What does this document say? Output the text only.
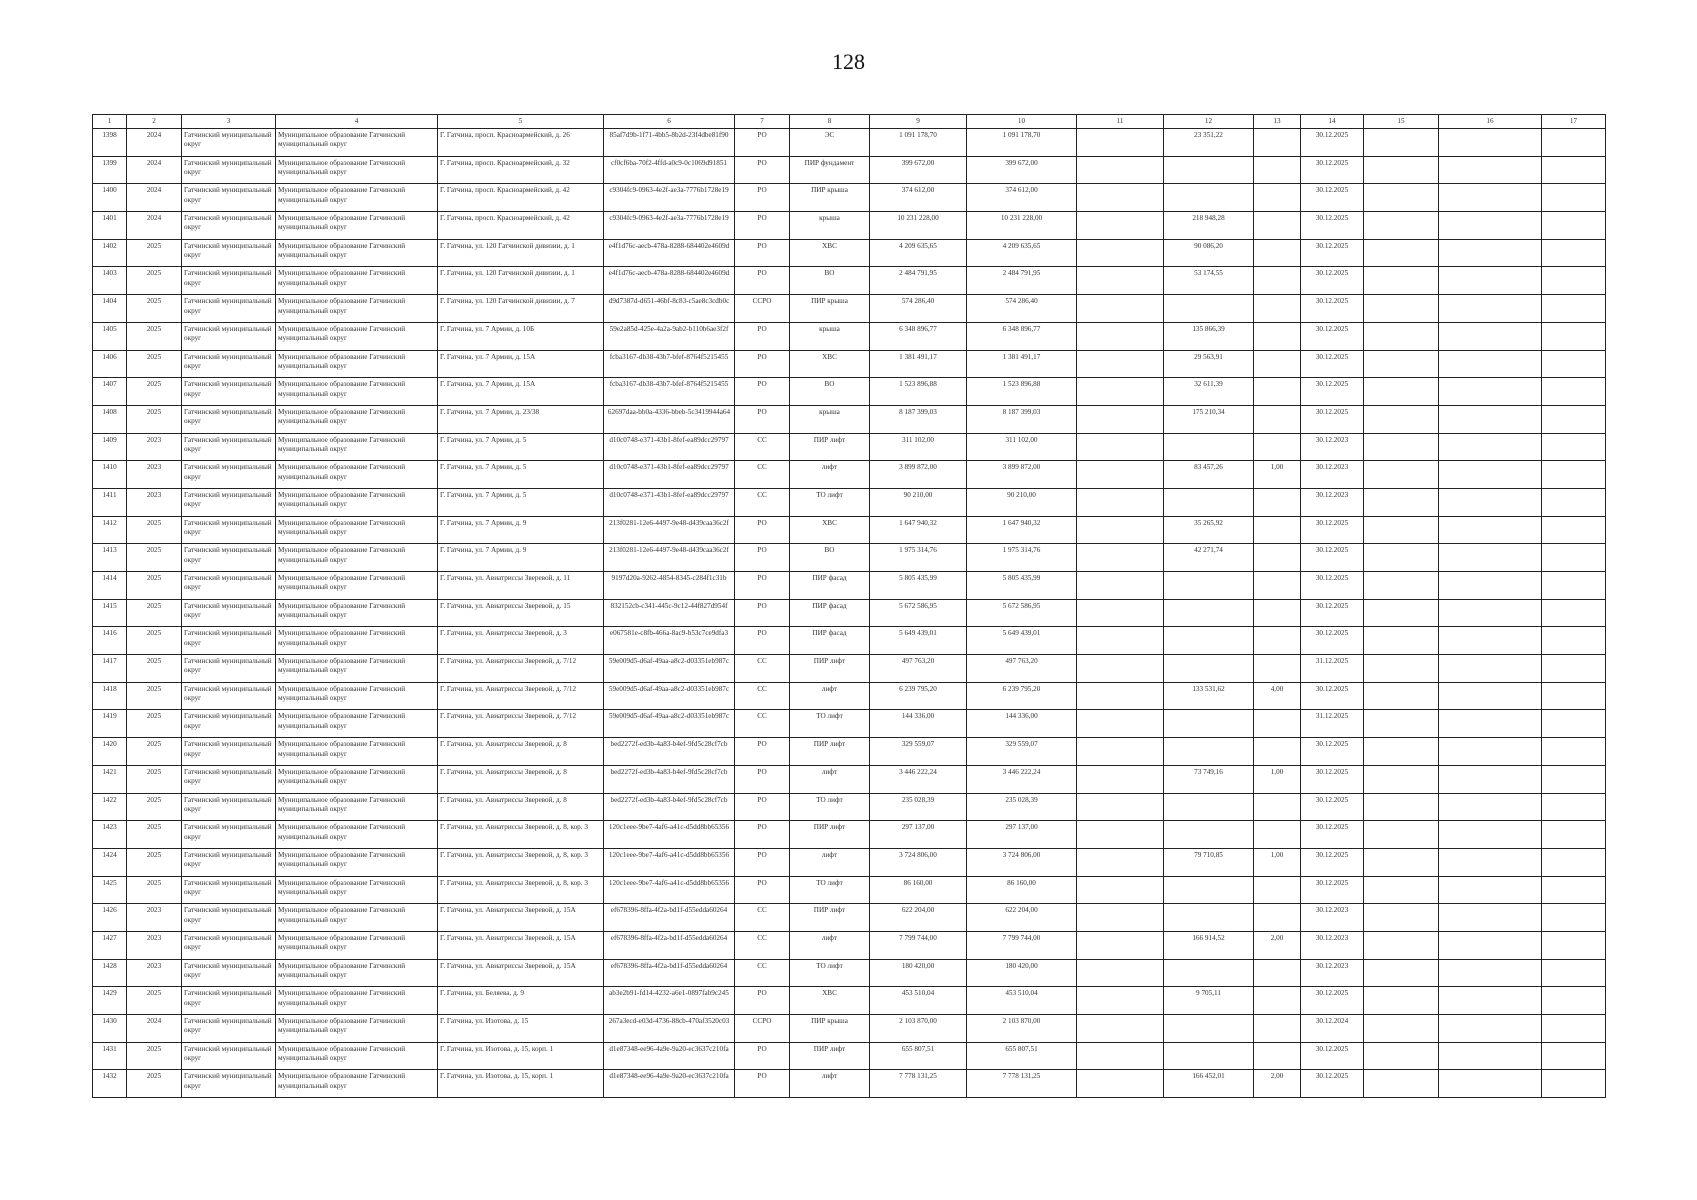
128
1	2	3	4	5	6	7	8	9	10	11	12	13	14	15	16	17
1398	2024	Гатчинский муниципальный округ	Муниципальное образование Гатчинский муниципальный округ	Г. Гатчина, просп. Красноармейский, д. 26	85af7d9b-1f71-4bb5-8b2d-23f4dbe81f90	РО	ЭС	1 091 178,70	1 091 178,70		23 351,22		30.12.2025			
1399	2024	Гатчинский муниципальный округ	Муниципальное образование Гатчинский муниципальный округ	Г. Гатчина, просп. Красноармейский, д. 32	cf0cf6ba-70f2-4ffd-a0c9-0c1069d91851	РО	ПИР фундамент	399 672,00	399 672,00				30.12.2025			
1400	2024	Гатчинский муниципальный округ	Муниципальное образование Гатчинский муниципальный округ	Г. Гатчина, просп. Красноармейский, д. 42	c9304fc9-0963-4e2f-ae3a-7776b1728e19	РО	ПИР крыша	374 612,00	374 612,00				30.12.2025			
1401	2024	Гатчинский муниципальный округ	Муниципальное образование Гатчинский муниципальный округ	Г. Гатчина, просп. Красноармейский, д. 42	c9304fc9-0963-4e2f-ae3a-7776b1728e19	РО	крыша	10 231 228,00	10 231 228,00		218 948,28		30.12.2025			
1402	2025	Гатчинский муниципальный округ	Муниципальное образование Гатчинский муниципальный округ	Г. Гатчина, ул. 120 Гатчинской дивизии, д. 1	e4f1d76c-aecb-478a-8288-684402e4609d	РО	ХВС	4 209 635,65	4 209 635,65		90 086,20		30.12.2025			
1403	2025	Гатчинский муниципальный округ	Муниципальное образование Гатчинский муниципальный округ	Г. Гатчина, ул. 120 Гатчинской дивизии, д. 1	e4f1d76c-aecb-478a-8288-684402e4609d	РО	ВО	2 484 791,95	2 484 791,95		53 174,55		30.12.2025			
1404	2025	Гатчинский муниципальный округ	Муниципальное образование Гатчинский муниципальный округ	Г. Гатчина, ул. 120 Гатчинской дивизии, д. 7	d9d7387d-d651-46bf-8c83-c5ae8c3cdb0c	ССРО	ПИР крыша	574 286,40	574 286,40				30.12.2025			
1405	2025	Гатчинский муниципальный округ	Муниципальное образование Гатчинский муниципальный округ	Г. Гатчина, ул. 7 Армии, д. 10Б	59e2a85d-425e-4a2a-9ab2-b110b6ae3f2f	РО	крыша	6 348 896,77	6 348 896,77		135 866,39		30.12.2025			
1406	2025	Гатчинский муниципальный округ	Муниципальное образование Гатчинский муниципальный округ	Г. Гатчина, ул. 7 Армии, д. 15А	fcba3167-db38-43b7-bfef-8764f5215455	РО	ХВС	1 381 491,17	1 381 491,17		29 563,91		30.12.2025			
1407	2025	Гатчинский муниципальный округ	Муниципальное образование Гатчинский муниципальный округ	Г. Гатчина, ул. 7 Армии, д. 15А	fcba3167-db38-43b7-bfef-8764f5215455	РО	ВО	1 523 896,88	1 523 896,88		32 611,39		30.12.2025			
1408	2025	Гатчинский муниципальный округ	Муниципальное образование Гатчинский муниципальный округ	Г. Гатчина, ул. 7 Армии, д. 23/38	62697daa-bb0a-4336-bbeb-5c3419944a64	РО	крыша	8 187 399,03	8 187 399,03		175 210,34		30.12.2025			
1409	2023	Гатчинский муниципальный округ	Муниципальное образование Гатчинский муниципальный округ	Г. Гатчина, ул. 7 Армии, д. 5	d10c0748-e371-43b1-8fef-ea89dcc29797	СС	ПИР лифт	311 102,00	311 102,00				30.12.2023			
1410	2023	Гатчинский муниципальный округ	Муниципальное образование Гатчинский муниципальный округ	Г. Гатчина, ул. 7 Армии, д. 5	d10c0748-e371-43b1-8fef-ea89dcc29797	СС	лифт	3 899 872,00	3 899 872,00		83 457,26	1,00	30.12.2023			
1411	2023	Гатчинский муниципальный округ	Муниципальное образование Гатчинский муниципальный округ	Г. Гатчина, ул. 7 Армии, д. 5	d10c0748-e371-43b1-8fef-ea89dcc29797	СС	ТО лифт	90 210,00	90 210,00				30.12.2023			
1412	2025	Гатчинский муниципальный округ	Муниципальное образование Гатчинский муниципальный округ	Г. Гатчина, ул. 7 Армии, д. 9	213f0281-12e6-4497-9e48-d439caa36c2f	РО	ХВС	1 647 940,32	1 647 940,32		35 265,92		30.12.2025			
1413	2025	Гатчинский муниципальный округ	Муниципальное образование Гатчинский муниципальный округ	Г. Гатчина, ул. 7 Армии, д. 9	213f0281-12e6-4497-9e48-d439caa36c2f	РО	ВО	1 975 314,76	1 975 314,76		42 271,74		30.12.2025			
1414	2025	Гатчинский муниципальный округ	Муниципальное образование Гатчинский муниципальный округ	Г. Гатчина, ул. Авиатриссы Зверевой, д. 11	9197d20a-9262-4854-8345-c284f1c31b	РО	ПИР фасад	5 805 435,99	5 805 435,99				30.12.2025			
1415	2025	Гатчинский муниципальный округ	Муниципальное образование Гатчинский муниципальный округ	Г. Гатчина, ул. Авиатриссы Зверевой, д. 15	832152cb-c341-445c-9c12-44f827d954f	РО	ПИР фасад	5 672 586,95	5 672 586,95				30.12.2025			
1416	2025	Гатчинский муниципальный округ	Муниципальное образование Гатчинский муниципальный округ	Г. Гатчина, ул. Авиатриссы Зверевой, д. 3	e067581e-c8fb-466a-8ac9-b53c7ce9dfa3	РО	ПИР фасад	5 649 439,01	5 649 439,01				30.12.2025			
1417	2025	Гатчинский муниципальный округ	Муниципальное образование Гатчинский муниципальный округ	Г. Гатчина, ул. Авиатриссы Зверевой, д. 7/12	59e009d5-d6af-49aa-a8c2-d03351eb987c	СС	ПИР лифт	497 763,20	497 763,20				31.12.2025			
1418	2025	Гатчинский муниципальный округ	Муниципальное образование Гатчинский муниципальный округ	Г. Гатчина, ул. Авиатриссы Зверевой, д. 7/12	59e009d5-d6af-49aa-a8c2-d03351eb987c	СС	лифт	6 239 795,20	6 239 795,20		133 531,62	4,00	30.12.2025			
1419	2025	Гатчинский муниципальный округ	Муниципальное образование Гатчинский муниципальный округ	Г. Гатчина, ул. Авиатриссы Зверевой, д. 7/12	59e009d5-d6af-49aa-a8c2-d03351eb987c	СС	ТО лифт	144 336,00	144 336,00				31.12.2025			
1420	2025	Гатчинский муниципальный округ	Муниципальное образование Гатчинский муниципальный округ	Г. Гатчина, ул. Авиатриссы Зверевой, д. 8	bed2272f-ed3b-4a83-b4ef-9fd5c28cf7cb	РО	ПИР лифт	329 559,07	329 559,07				30.12.2025			
1421	2025	Гатчинский муниципальный округ	Муниципальное образование Гатчинский муниципальный округ	Г. Гатчина, ул. Авиатриссы Зверевой, д. 8	bed2272f-ed3b-4a83-b4ef-9fd5c28cf7cb	РО	лифт	3 446 222,24	3 446 222,24		73 749,16	1,00	30.12.2025			
1422	2025	Гатчинский муниципальный округ	Муниципальное образование Гатчинский муниципальный округ	Г. Гатчина, ул. Авиатриссы Зверевой, д. 8	bed2272f-ed3b-4a83-b4ef-9fd5c28cf7cb	РО	ТО лифт	235 028,39	235 028,39				30.12.2025			
1423	2025	Гатчинский муниципальный округ	Муниципальное образование Гатчинский муниципальный округ	Г. Гатчина, ул. Авиатриссы Зверевой, д. 8, кор. 3	120c1eee-9be7-4af6-a41c-d5dd8bb65356	РО	ПИР лифт	297 137,00	297 137,00				30.12.2025			
1424	2025	Гатчинский муниципальный округ	Муниципальное образование Гатчинский муниципальный округ	Г. Гатчина, ул. Авиатриссы Зверевой, д. 8, кор. 3	120c1eee-9be7-4af6-a41c-d5dd8bb65356	РО	лифт	3 724 806,00	3 724 806,00		79 710,85	1,00	30.12.2025			
1425	2025	Гатчинский муниципальный округ	Муниципальное образование Гатчинский муниципальный округ	Г. Гатчина, ул. Авиатриссы Зверевой, д. 8, кор. 3	120c1eee-9be7-4af6-a41c-d5dd8bb65356	РО	ТО лифт	86 160,00	86 160,00				30.12.2025			
1426	2023	Гатчинский муниципальный округ	Муниципальное образование Гатчинский муниципальный округ	Г. Гатчина, ул. Авиатриссы Зверевой, д. 15А	ef678396-8ffa-4f2a-bd1f-d55edda60264	СС	ПИР лифт	622 204,00	622 204,00				30.12.2023			
1427	2023	Гатчинский муниципальный округ	Муниципальное образование Гатчинский муниципальный округ	Г. Гатчина, ул. Авиатриссы Зверевой, д. 15А	ef678396-8ffa-4f2a-bd1f-d55edda60264	СС	лифт	7 799 744,00	7 799 744,00		166 914,52	2,00	30.12.2023			
1428	2023	Гатчинский муниципальный округ	Муниципальное образование Гатчинский муниципальный округ	Г. Гатчина, ул. Авиатриссы Зверевой, д. 15А	ef678396-8ffa-4f2a-bd1f-d55edda60264	СС	ТО лифт	180 420,00	180 420,00				30.12.2023			
1429	2025	Гатчинский муниципальный округ	Муниципальное образование Гатчинский муниципальный округ	Г. Гатчина, ул. Беляева, д. 9	ab3e2b91-fd14-4232-a6e1-0897fab9c245	РО	ХВС	453 510,04	453 510,04		9 705,11		30.12.2025			
1430	2024	Гатчинский муниципальный округ	Муниципальное образование Гатчинский муниципальный округ	Г. Гатчина, ул. Изотова, д. 15	267a3ecd-e03d-4736-88cb-470af3520c03	ССРО	ПИР крыша	2 103 870,00	2 103 870,00				30.12.2024			
1431	2025	Гатчинский муниципальный округ	Муниципальное образование Гатчинский муниципальный округ	Г. Гатчина, ул. Изотова, д. 15, корп. 1	d1e87348-ee96-4a9e-9a20-ec3637c210fa	РО	ПИР лифт	655 807,51	655 807,51				30.12.2025			
1432	2025	Гатчинский муниципальный округ	Муниципальное образование Гатчинский муниципальный округ	Г. Гатчина, ул. Изотова, д. 15, корп. 1	d1e87348-ee96-4a9e-9a20-ec3637c210fa	РО	лифт	7 778 131,25	7 778 131,25		166 452,01	2,00	30.12.2025			
